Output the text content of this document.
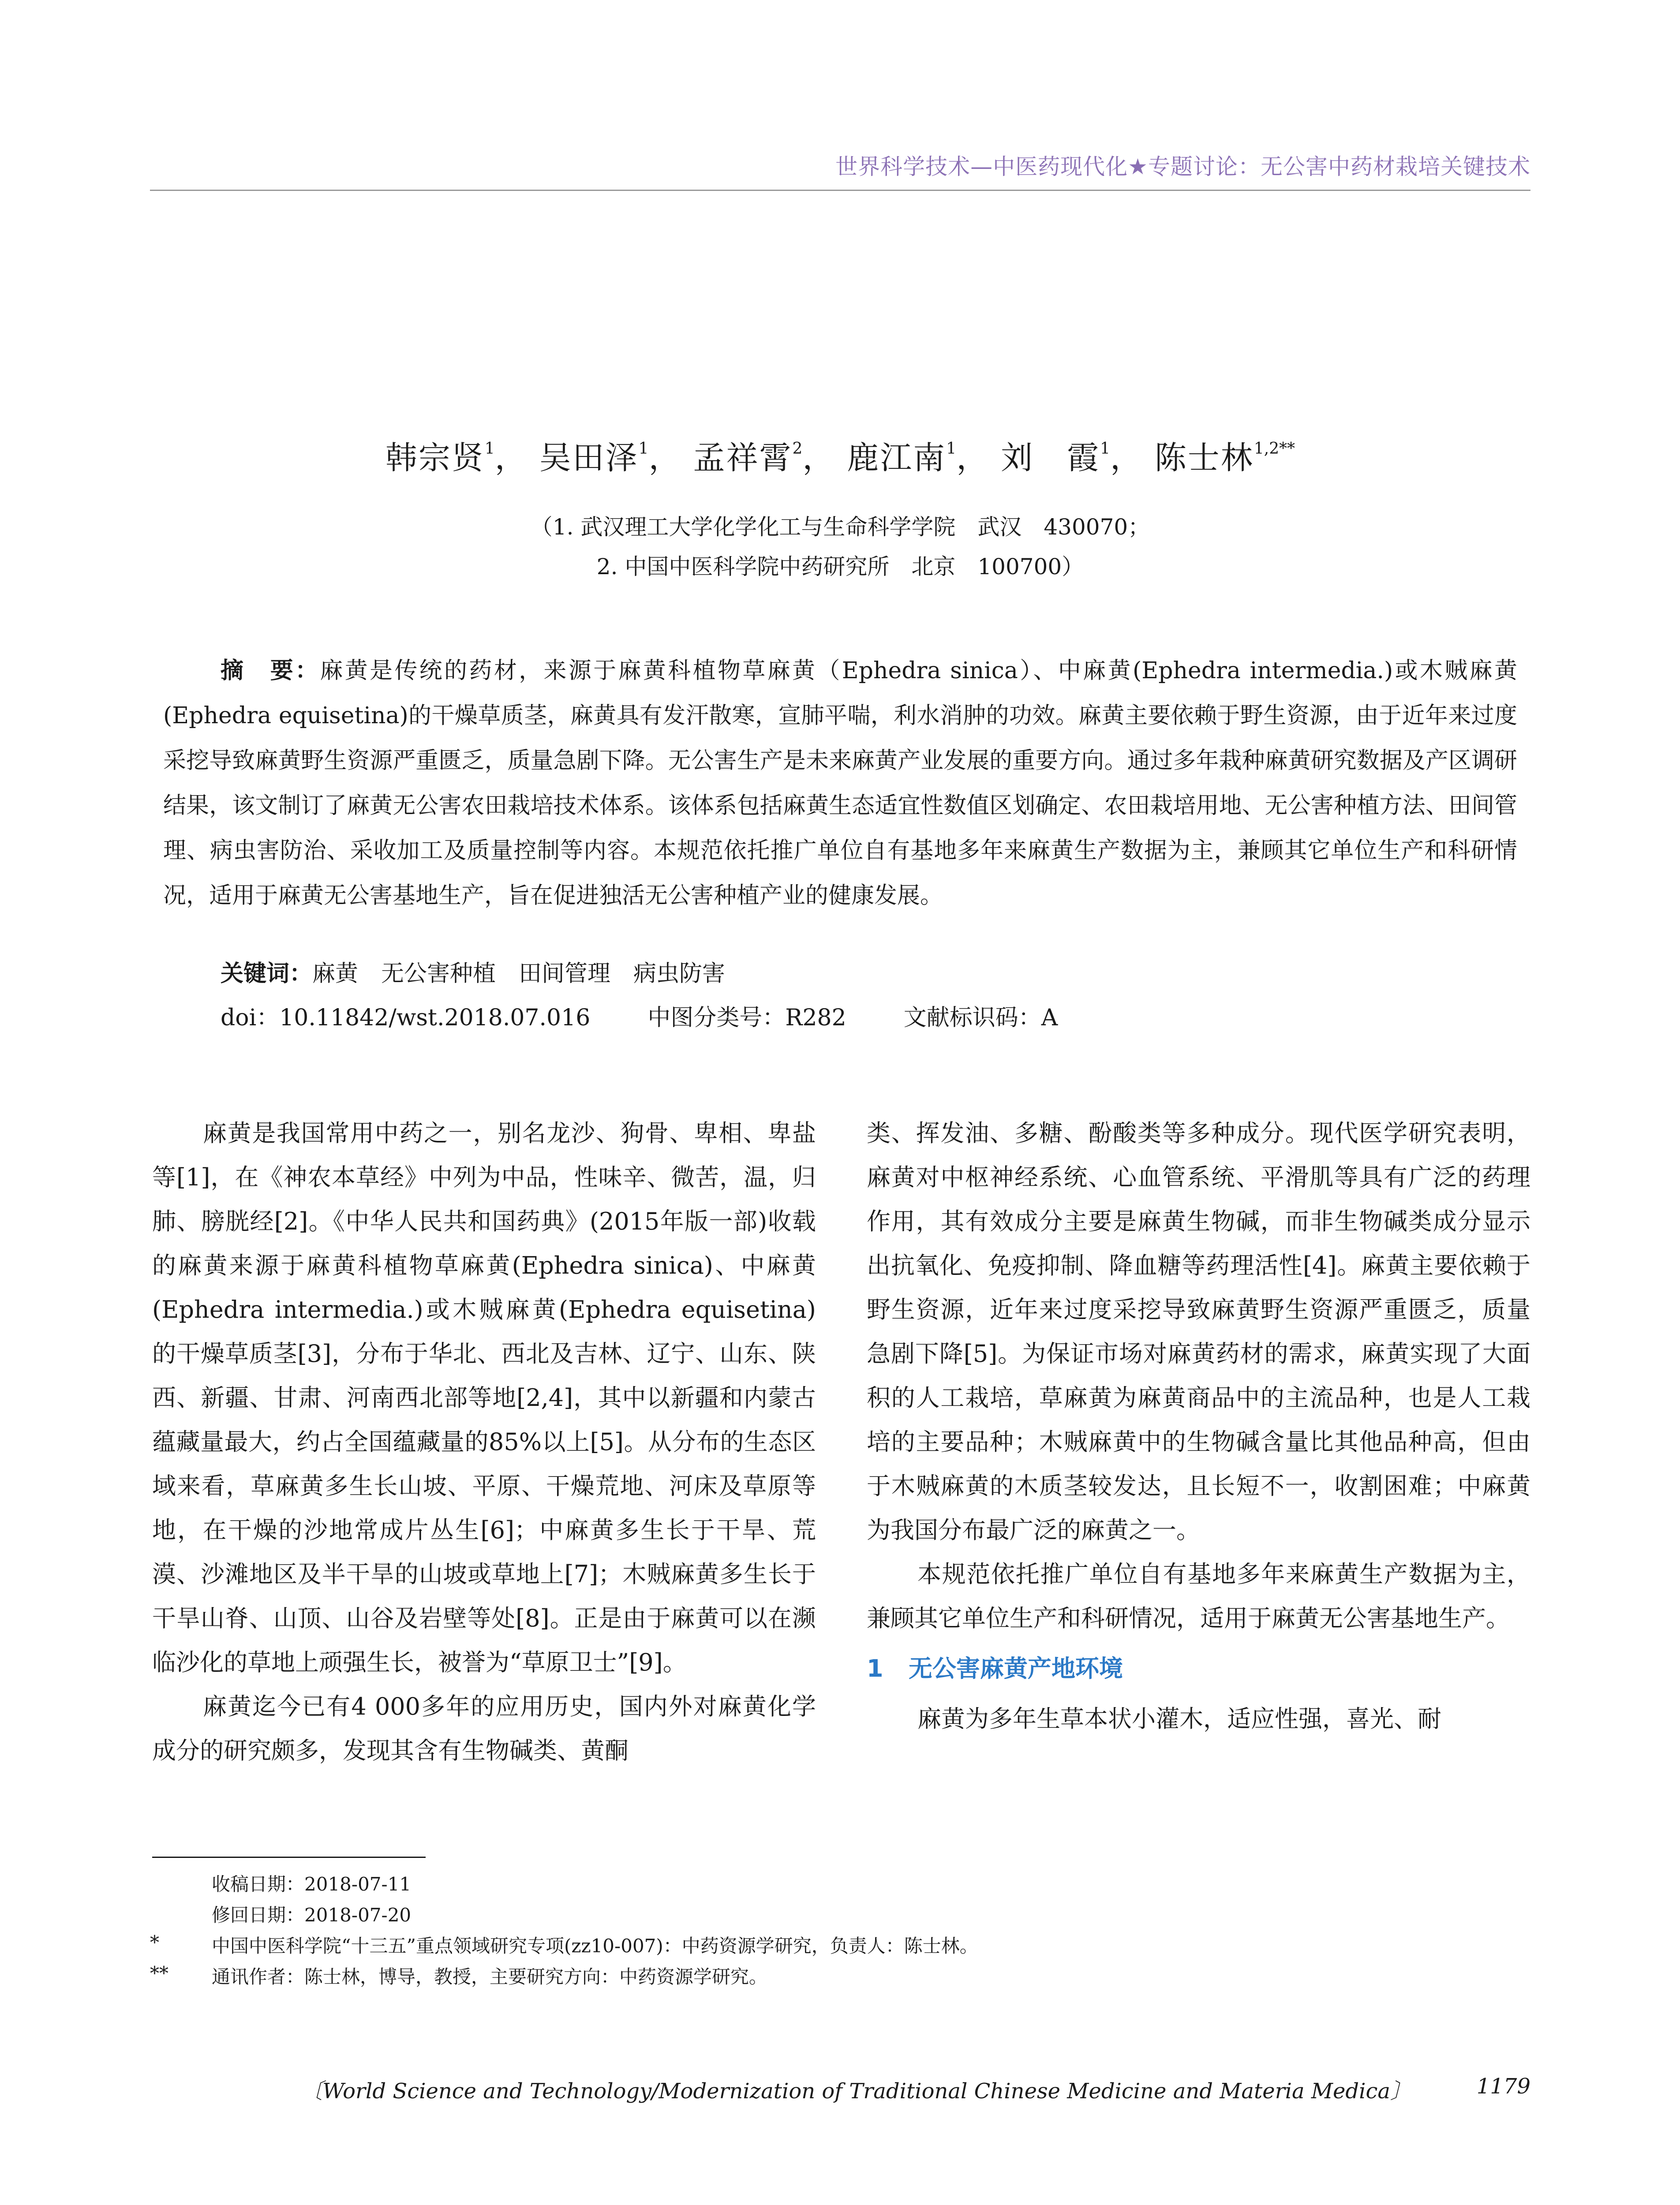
世界科学技术—中医药现代化★专题讨论：无公害中药材栽培关键技术
韩宗贤$^1$， 吴田泽$^1$， 孟祥霄$^2$， 鹿江南$^1$， 刘　霞$^1$， 陈士林$^{1,2**}$
（1. 武汉理工大学化学化工与生命科学学院　武汉　430070；
2. 中国中医科学院中药研究所　北京　100700）
摘　要：麻黄是传统的药材，来源于麻黄科植物草麻黄（Ephedra sinica）、中麻黄(Ephedra intermedia.)或木贼麻黄(Ephedra equisetina)的干燥草质茎，麻黄具有发汗散寒，宣肺平喘，利水消肿的功效。麻黄主要依赖于野生资源，由于近年来过度采挖导致麻黄野生资源严重匮乏，质量急剧下降。无公害生产是未来麻黄产业发展的重要方向。通过多年栽种麻黄研究数据及产区调研结果，该文制订了麻黄无公害农田栽培技术体系。该体系包括麻黄生态适宜性数值区划确定、农田栽培用地、无公害种植方法、田间管理、病虫害防治、采收加工及质量控制等内容。本规范依托推广单位自有基地多年来麻黄生产数据为主，兼顾其它单位生产和科研情况，适用于麻黄无公害基地生产，旨在促进独活无公害种植产业的健康发展。
关键词：麻黄　无公害种植　田间管理　病虫防害
doi：10.11842/wst.2018.07.016	中图分类号：R282	文献标识码：A

麻黄是我国常用中药之一，别名龙沙、狗骨、卑相、卑盐等[1]，在《神农本草经》中列为中品，性味辛、微苦，温，归肺、膀胱经[2]。《中华人民共和国药典》(2015年版一部)收载的麻黄来源于麻黄科植物草麻黄(Ephedra sinica)、中麻黄(Ephedra intermedia.)或木贼麻黄(Ephedra equisetina)的干燥草质茎[3]，分布于华北、西北及吉林、辽宁、山东、陕西、新疆、甘肃、河南西北部等地[2,4]，其中以新疆和内蒙古蕴藏量最大，约占全国蕴藏量的85%以上[5]。从分布的生态区域来看，草麻黄多生长山坡、平原、干燥荒地、河床及草原等地，在干燥的沙地常成片丛生[6]；中麻黄多生长于干旱、荒漠、沙滩地区及半干旱的山坡或草地上[7]；木贼麻黄多生长于干旱山脊、山顶、山谷及岩壁等处[8]。正是由于麻黄可以在濒临沙化的草地上顽强生长，被誉为“草原卫士”[9]。

麻黄迄今已有4 000多年的应用历史，国内外对麻黄化学成分的研究颇多，发现其含有生物碱类、黄酮

类、挥发油、多糖、酚酸类等多种成分。现代医学研究表明，麻黄对中枢神经系统、心血管系统、平滑肌等具有广泛的药理作用，其有效成分主要是麻黄生物碱，而非生物碱类成分显示出抗氧化、免疫抑制、降血糖等药理活性[4]。麻黄主要依赖于野生资源，近年来过度采挖导致麻黄野生资源严重匮乏，质量急剧下降[5]。为保证市场对麻黄药材的需求，麻黄实现了大面积的人工栽培，草麻黄为麻黄商品中的主流品种，也是人工栽培的主要品种；木贼麻黄中的生物碱含量比其他品种高，但由于木贼麻黄的木质茎较发达，且长短不一，收割困难；中麻黄为我国分布最广泛的麻黄之一。

本规范依托推广单位自有基地多年来麻黄生产数据为主，兼顾其它单位生产和科研情况，适用于麻黄无公害基地生产。

1 无公害麻黄产地环境

麻黄为多年生草本状小灌木，适应性强，喜光、耐

收稿日期：2018-07-11
修回日期：2018-07-20
*	中国中医科学院“十三五”重点领域研究专项(zz10-007)：中药资源学研究，负责人：陈士林。
** 通讯作者：陈士林，博导，教授，主要研究方向：中药资源学研究。
〔World Science and Technology/Modernization of Traditional Chinese Medicine and Materia Medica〕	1179
